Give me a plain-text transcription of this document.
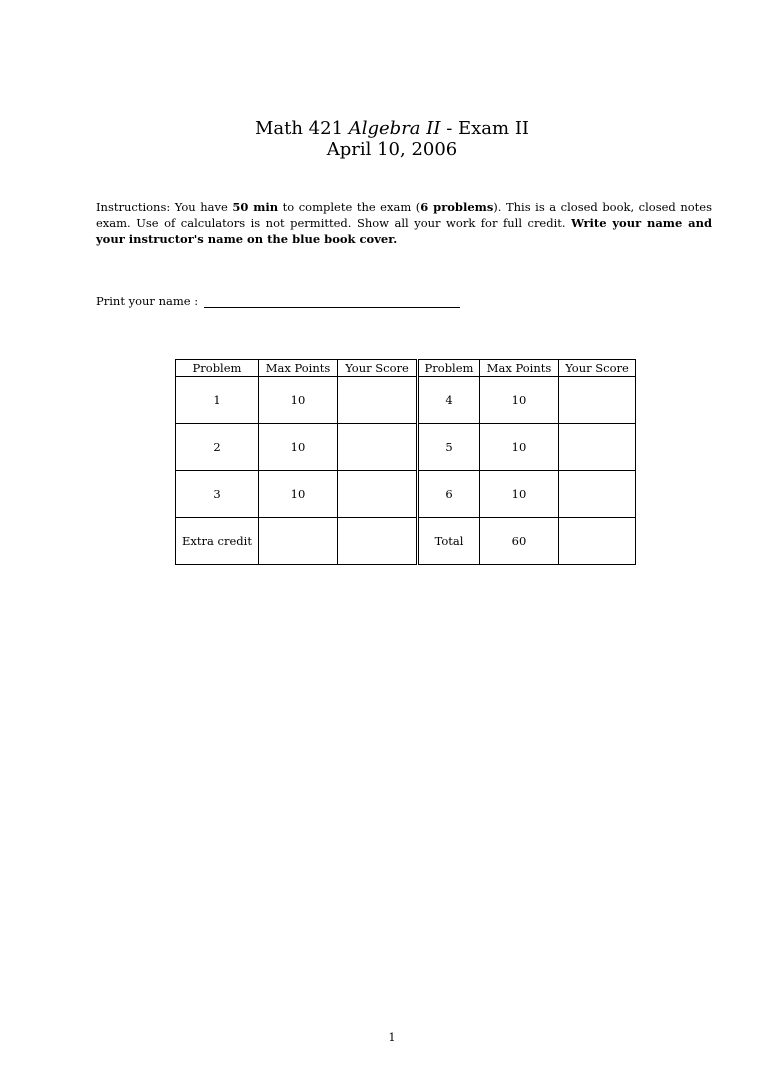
Math 421 Algebra II - Exam II
April 10, 2006
Instructions: You have 50 min to complete the exam (6 problems). This is a closed book, closed notes exam. Use of calculators is not permitted. Show all your work for full credit. Write your name and your instructor's name on the blue book cover.
Print your name :
Problem	Max Points	Your Score	Problem	Max Points	Your Score
1	10		4	10	
2	10		5	10	
3	10		6	10	
Extra credit			Total	60	
1
